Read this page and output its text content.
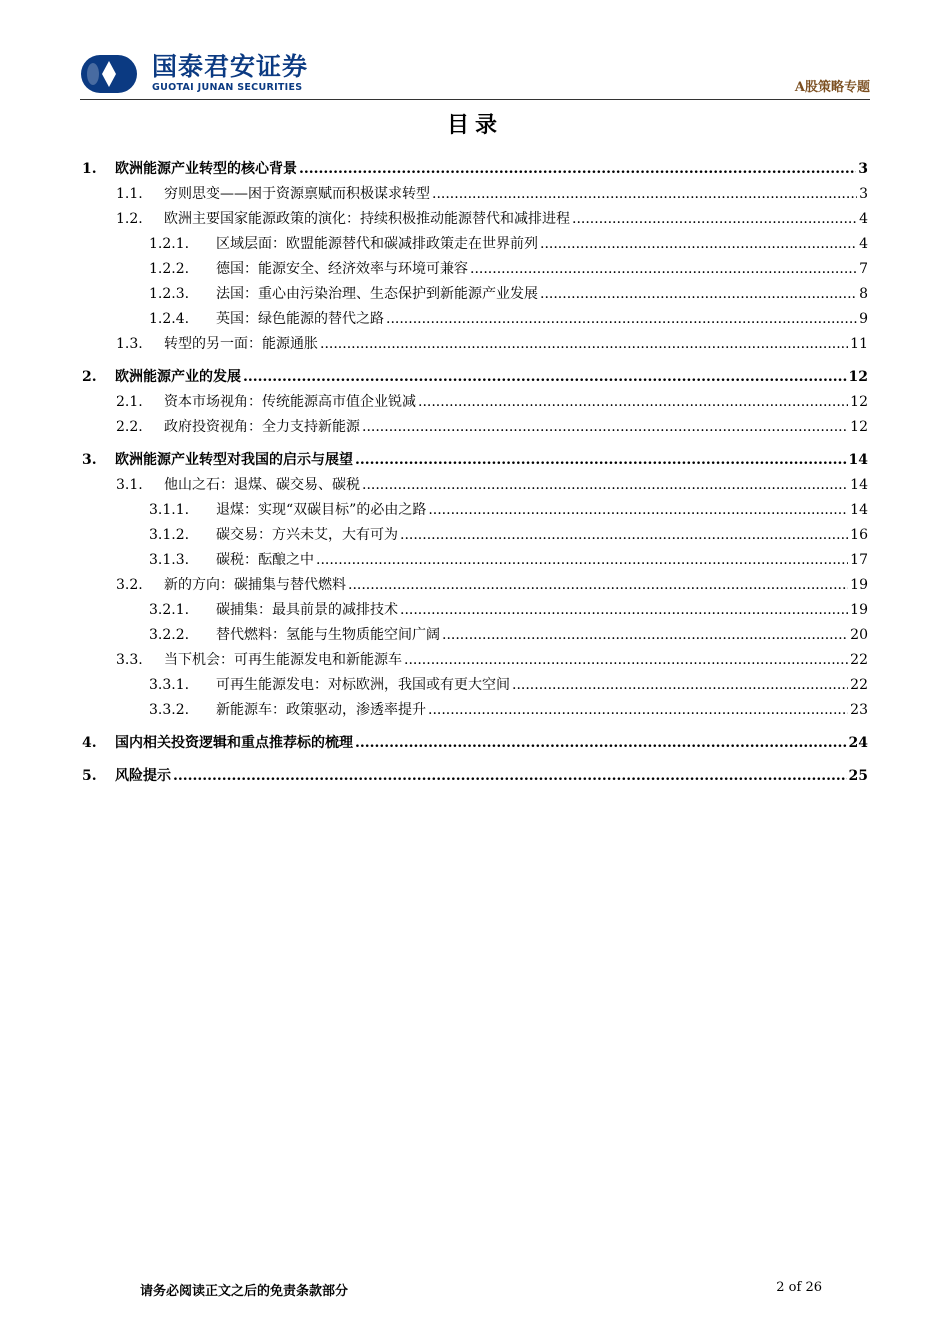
国泰君安证券
GUOTAI JUNAN SECURITIES	A股策略专题
目录
1.	欧洲能源产业转型的核心背景 .....	3
1.1.	穷则思变——困于资源禀赋而积极谋求转型 .....	3
1.2.	欧洲主要国家能源政策的演化：持续积极推动能源替代和减排进程 .....	4
1.2.1.	区域层面：欧盟能源替代和碳减排政策走在世界前列 .....	4
1.2.2.	德国：能源安全、经济效率与环境可兼容 .....	7
1.2.3.	法国：重心由污染治理、生态保护到新能源产业发展 .....	8
1.2.4.	英国：绿色能源的替代之路 .....	9
1.3.	转型的另一面：能源通胀 .....	11
2.	欧洲能源产业的发展 .....	12
2.1.	资本市场视角：传统能源高市值企业锐减 .....	12
2.2.	政府投资视角：全力支持新能源 .....	12
3.	欧洲能源产业转型对我国的启示与展望 .....	14
3.1.	他山之石：退煤、碳交易、碳税 .....	14
3.1.1.	退煤：实现“双碳目标”的必由之路 .....	14
3.1.2.	碳交易：方兴未艾，大有可为 .....	16
3.1.3.	碳税：酝酿之中 .....	17
3.2.	新的方向：碳捕集与替代燃料 .....	19
3.2.1.	碳捕集：最具前景的减排技术 .....	19
3.2.2.	替代燃料：氢能与生物质能空间广阔 .....	20
3.3.	当下机会：可再生能源发电和新能源车 .....	22
3.3.1.	可再生能源发电：对标欧洲，我国或有更大空间 .....	22
3.3.2.	新能源车：政策驱动，渗透率提升 .....	23
4.	国内相关投资逻辑和重点推荐标的梳理 .....	24
5.	风险提示 .....	25
请务必阅读正文之后的免责条款部分	2 of 26
